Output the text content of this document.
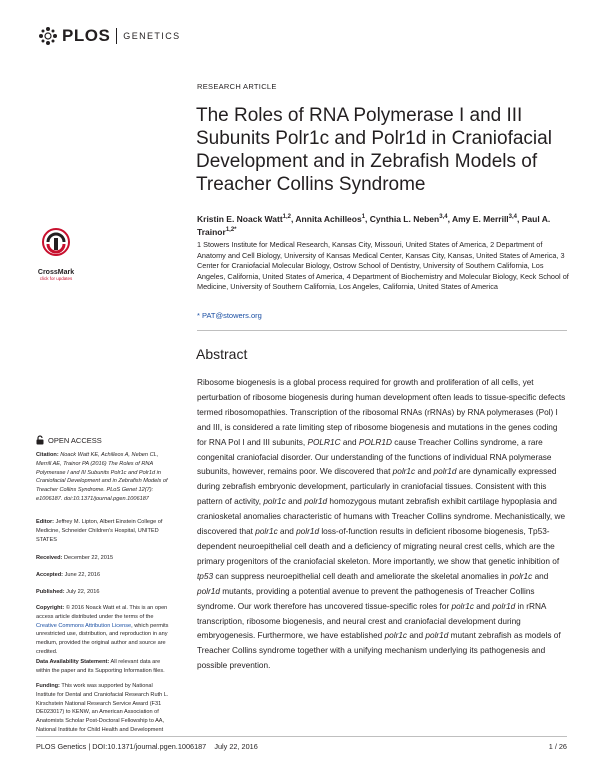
PLOS GENETICS
RESEARCH ARTICLE
The Roles of RNA Polymerase I and III Subunits Polr1c and Polr1d in Craniofacial Development and in Zebrafish Models of Treacher Collins Syndrome
Kristin E. Noack Watt$^{1,2}$, Annita Achilleos$^1$, Cynthia L. Neben$^{3,4}$, Amy E. Merrill$^{3,4}$, Paul A. Trainor$^{1,2*}$
1 Stowers Institute for Medical Research, Kansas City, Missouri, United States of America, 2 Department of Anatomy and Cell Biology, University of Kansas Medical Center, Kansas City, Kansas, United States of America, 3 Center for Craniofacial Molecular Biology, Ostrow School of Dentistry, University of Southern California, Los Angeles, California, United States of America, 4 Department of Biochemistry and Molecular Biology, Keck School of Medicine, University of Southern California, Los Angeles, California, United States of America
* PAT@stowers.org
Abstract

Ribosome biogenesis is a global process required for growth and proliferation of all cells, yet perturbation of ribosome biogenesis during human development often leads to tissue-specific defects termed ribosomopathies. Transcription of the ribosomal RNAs (rRNAs) by RNA polymerases (Pol) I and III, is considered a rate limiting step of ribosome biogenesis and mutations in the genes coding for RNA Pol I and III subunits, POLR1C and POLR1D cause Treacher Collins syndrome, a rare congenital craniofacial disorder. Our understanding of the functions of individual RNA polymerase subunits, however, remains poor. We discovered that polr1c and polr1d are dynamically expressed during zebrafish embryonic development, particularly in craniofacial tissues. Consistent with this pattern of activity, polr1c and polr1d homozygous mutant zebrafish exhibit cartilage hypoplasia and craniosketal anomalies characteristic of humans with Treacher Collins syndrome. Mechanistically, we discovered that polr1c and polr1d loss-of-function results in deficient ribosome biogenesis, Tp53-dependent neuroepithelial cell death and a deficiency of migrating neural crest cells, which are the primary progenitors of the craniofacial skeleton. More importantly, we show that genetic inhibition of tp53 can suppress neuroepithelial cell death and ameliorate the skeletal anomalies in polr1c and polr1d mutants, providing a potential avenue to prevent the pathogenesis of Treacher Collins syndrome. Our work therefore has uncovered tissue-specific roles for polr1c and polr1d in rRNA transcription, ribosome biogenesis, and neural crest and craniofacial development during embryogenesis. Furthermore, we have established polr1c and polr1d mutant zebrafish as models of Treacher Collins syndrome together with a unifying mechanism underlying its pathogenesis and possible prevention.

CrossMark
click for updates
OPEN ACCESS
Citation: Noack Watt KE, Achilleos A, Neben CL, Merrill AE, Trainor PA (2016) The Roles of RNA Polymerase I and III Subunits Polr1c and Polr1d in Craniofacial Development and in Zebrafish Models of Treacher Collins Syndrome. PLoS Genet 12(7): e1006187. doi:10.1371/journal.pgen.1006187
Editor: Jeffrey M. Lipton, Albert Einstein College of Medicine, Schneider Children's Hospital, UNITED STATES
Received: December 22, 2015
Accepted: June 22, 2016
Published: July 22, 2016
Copyright: © 2016 Noack Watt et al. This is an open access article distributed under the terms of the Creative Commons Attribution License, which permits unrestricted use, distribution, and reproduction in any medium, provided the original author and source are credited.
Data Availability Statement: All relevant data are within the paper and its Supporting Information files.
Funding: This work was supported by National Institute for Dental and Craniofacial Research Ruth L. Kirschstein National Research Service Award (F31 DE023017) to KENW, an American Association of Anatomists Scholar Post-Doctoral Fellowship to AA, National Institute for Child Health and Development
PLOS Genetics | DOI:10.1371/journal.pgen.1006187    July 22, 2016	1 / 26
